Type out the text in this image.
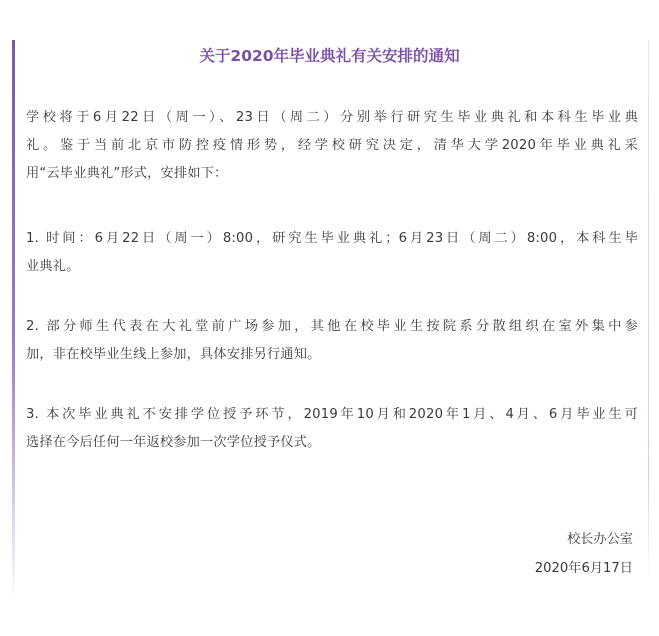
关于2020年毕业典礼有关安排的通知
学校将于6月22日（周一）、23日（周二）分别举行研究生毕业典礼和本科生毕业典
礼。鉴于当前北京市防控疫情形势，经学校研究决定，清华大学2020年毕业典礼采
用“云毕业典礼”形式，安排如下：
1. 时间：6月22日（周一）8:00，研究生毕业典礼；6月23日（周二）8:00，本科生毕
业典礼。
2. 部分师生代表在大礼堂前广场参加，其他在校毕业生按院系分散组织在室外集中参
加，非在校毕业生线上参加，具体安排另行通知。
3. 本次毕业典礼不安排学位授予环节，2019年10月和2020年1月、4月、6月毕业生可
选择在今后任何一年返校参加一次学位授予仪式。
校长办公室
2020年6月17日
